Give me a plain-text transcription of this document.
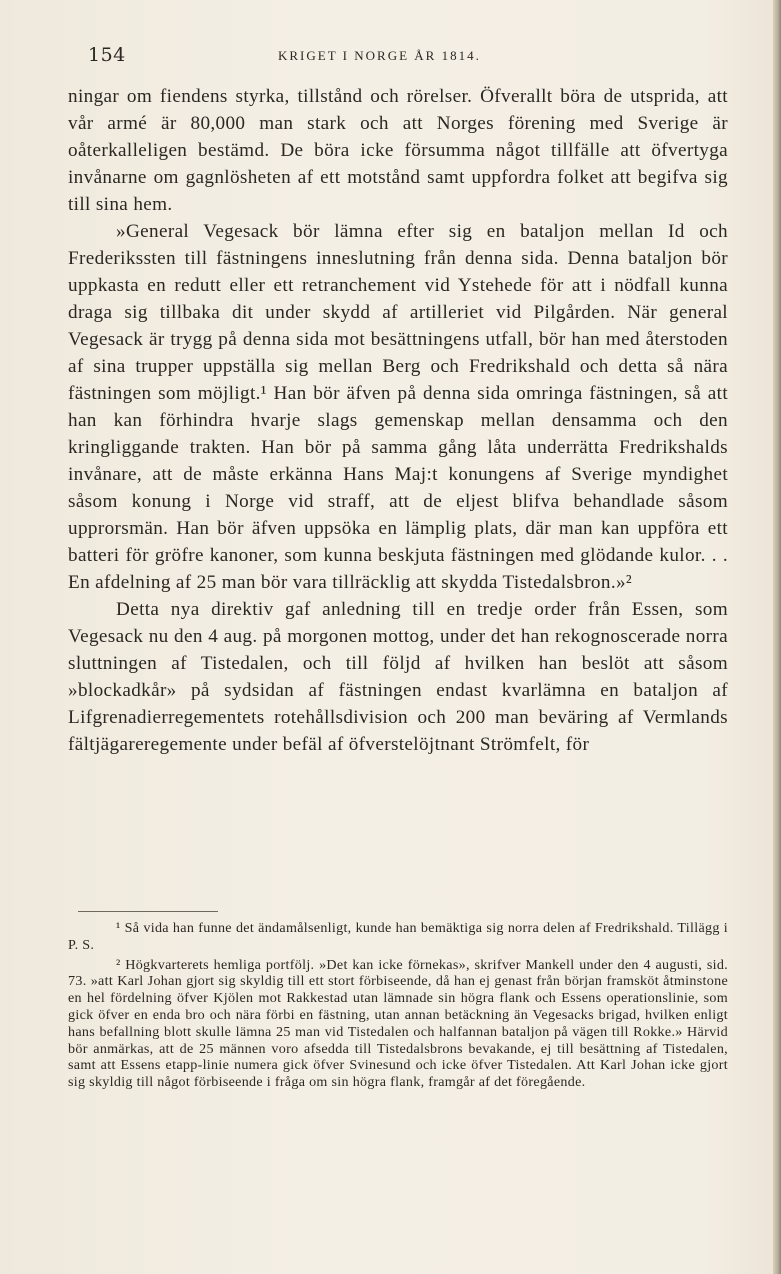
154	KRIGET I NORGE ÅR 1814.

ningar om fiendens styrka, tillstånd och rörelser. Öfverallt böra de utsprida, att vår armé är 80,000 man stark och att Norges förening med Sverige är oåterkalleligen bestämd. De böra icke försumma något tillfälle att öfvertyga invånarne om gagnlösheten af ett motstånd samt uppfordra folket att begifva sig till sina hem.

»General Vegesack bör lämna efter sig en bataljon mellan Id och Frederikssten till fästningens inneslutning från denna sida. Denna bataljon bör uppkasta en redutt eller ett retranchement vid Ystehede för att i nödfall kunna draga sig tillbaka dit under skydd af artilleriet vid Pilgården. När general Vegesack är trygg på denna sida mot besättningens utfall, bör han med återstoden af sina trupper uppställa sig mellan Berg och Fredrikshald och detta så nära fästningen som möjligt.¹ Han bör äfven på denna sida omringa fästningen, så att han kan förhindra hvarje slags gemenskap mellan densamma och den kringliggande trakten. Han bör på samma gång låta underrätta Fredrikshalds invånare, att de måste erkänna Hans Maj:t konungens af Sverige myndighet såsom konung i Norge vid straff, att de eljest blifva behandlade såsom upprorsmän. Han bör äfven uppsöka en lämplig plats, där man kan uppföra ett batteri för gröfre kanoner, som kunna beskjuta fästningen med glödande kulor. . . En afdelning af 25 man bör vara tillräcklig att skydda Tistedalsbron.»²

Detta nya direktiv gaf anledning till en tredje order från Essen, som Vegesack nu den 4 aug. på morgonen mottog, under det han rekognoscerade norra sluttningen af Tistedalen, och till följd af hvilken han beslöt att såsom »blockadkår» på sydsidan af fästningen endast kvarlämna en bataljon af Lifgrenadierregementets rotehållsdivision och 200 man beväring af Vermlands fältjägareregemente under befäl af öfverstelöjtnant Strömfelt, för

¹ Så vida han funne det ändamålsenligt, kunde han bemäktiga sig norra delen af Fredrikshald. Tillägg i P. S.

² Högkvarterets hemliga portfölj. »Det kan icke förnekas», skrifver Mankell under den 4 augusti, sid. 73. »att Karl Johan gjort sig skyldig till ett stort förbiseende, då han ej genast från början framsköt åtminstone en hel fördelning öfver Kjölen mot Rakkestad utan lämnade sin högra flank och Essens operationslinie, som gick öfver en enda bro och nära förbi en fästning, utan annan betäckning än Vegesacks brigad, hvilken enligt hans befallning blott skulle lämna 25 man vid Tistedalen och halfannan bataljon på vägen till Rokke.» Härvid bör anmärkas, att de 25 männen voro afsedda till Tistedalsbrons bevakande, ej till besättning af Tistedalen, samt att Essens etapp-linie numera gick öfver Svinesund och icke öfver Tistedalen. Att Karl Johan icke gjort sig skyldig till något förbiseende i fråga om sin högra flank, framgår af det föregående.
